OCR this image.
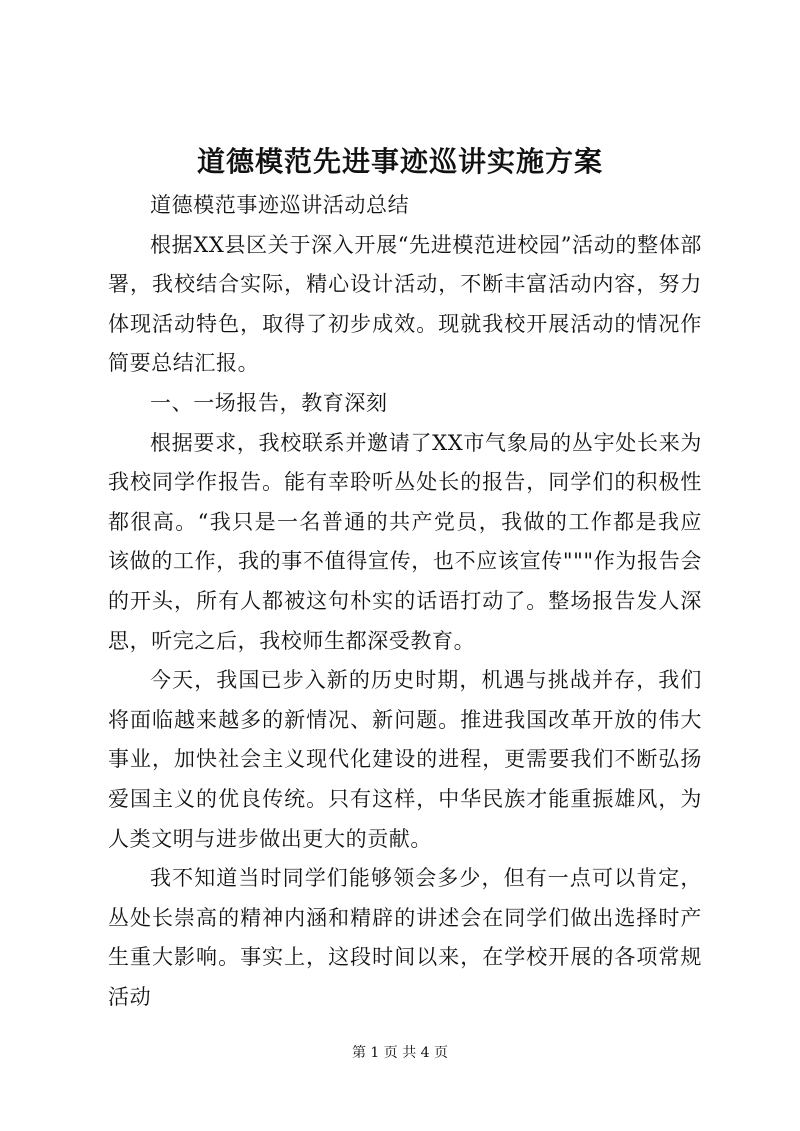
道德模范先进事迹巡讲实施方案

道德模范事迹巡讲活动总结

根据XX县区关于深入开展“先进模范进校园”活动的整体部署，我校结合实际，精心设计活动，不断丰富活动内容，努力体现活动特色，取得了初步成效。现就我校开展活动的情况作简要总结汇报。

一、一场报告，教育深刻

根据要求，我校联系并邀请了XX市气象局的丛宇处长来为我校同学作报告。能有幸聆听丛处长的报告，同学们的积极性都很高。“我只是一名普通的共产党员，我做的工作都是我应该做的工作，我的事不值得宣传，也不应该宣传"""作为报告会的开头，所有人都被这句朴实的话语打动了。整场报告发人深思，听完之后，我校师生都深受教育。

今天，我国已步入新的历史时期，机遇与挑战并存，我们将面临越来越多的新情况、新问题。推进我国改革开放的伟大事业，加快社会主义现代化建设的进程，更需要我们不断弘扬爱国主义的优良传统。只有这样，中华民族才能重振雄风，为人类文明与进步做出更大的贡献。

我不知道当时同学们能够领会多少，但有一点可以肯定，丛处长崇高的精神内涵和精辟的讲述会在同学们做出选择时产生重大影响。事实上，这段时间以来，在学校开展的各项常规活动

第 1 页 共 4 页
